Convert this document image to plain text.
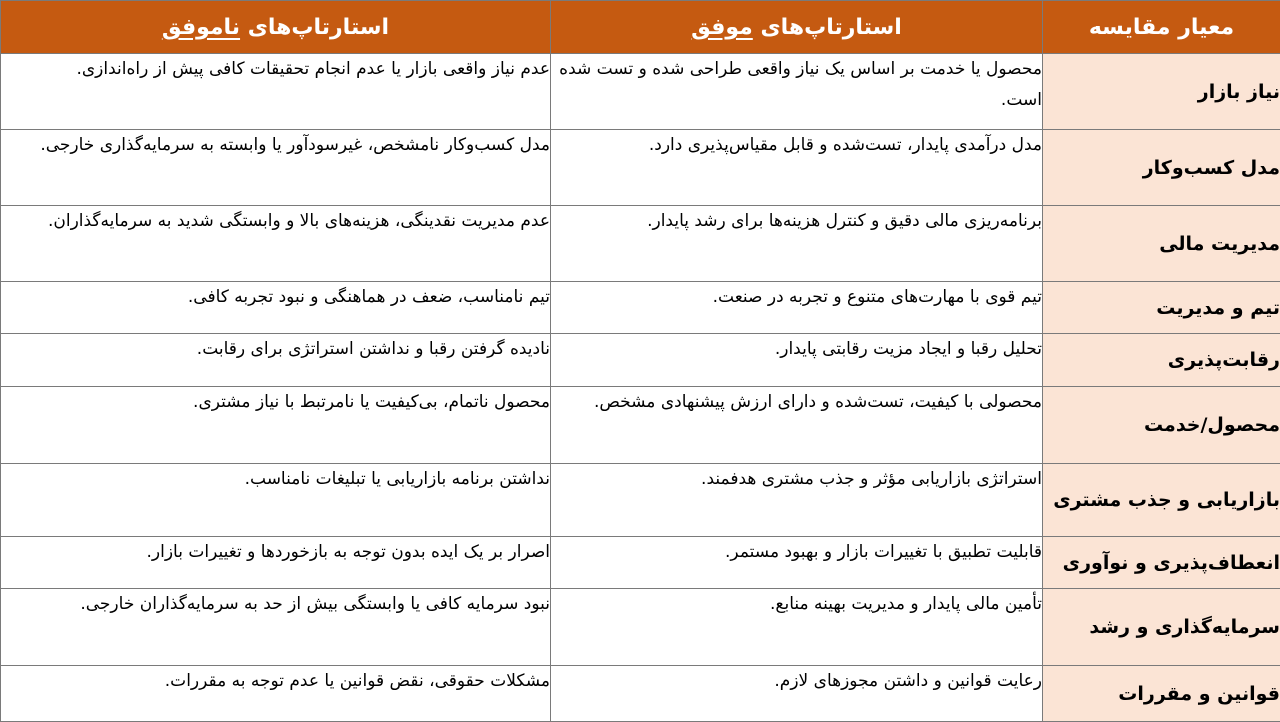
معیار مقایسه	استارتاپ‌های موفق	استارتاپ‌های ناموفق
نیاز بازار	محصول یا خدمت بر اساس یک نیاز واقعی طراحی شده و تست شده است.	عدم نیاز واقعی بازار یا عدم انجام تحقیقات کافی پیش از راه‌اندازی.
مدل کسب‌وکار	مدل درآمدی پایدار، تست‌شده و قابل مقیاس‌پذیری دارد.	مدل کسب‌وکار نامشخص، غیرسودآور یا وابسته به سرمایه‌گذاری خارجی.
مدیریت مالی	برنامه‌ریزی مالی دقیق و کنترل هزینه‌ها برای رشد پایدار.	عدم مدیریت نقدینگی، هزینه‌های بالا و وابستگی شدید به سرمایه‌گذاران.
تیم و مدیریت	تیم قوی با مهارت‌های متنوع و تجربه در صنعت.	تیم نامناسب، ضعف در هماهنگی و نبود تجربه کافی.
رقابت‌پذیری	تحلیل رقبا و ایجاد مزیت رقابتی پایدار.	نادیده گرفتن رقبا و نداشتن استراتژی برای رقابت.
محصول/خدمت	محصولی با کیفیت، تست‌شده و دارای ارزش پیشنهادی مشخص.	محصول ناتمام، بی‌کیفیت یا نامرتبط با نیاز مشتری.
بازاریابی و جذب مشتری	استراتژی بازاریابی مؤثر و جذب مشتری هدفمند.	نداشتن برنامه بازاریابی یا تبلیغات نامناسب.
انعطاف‌پذیری و نوآوری	قابلیت تطبیق با تغییرات بازار و بهبود مستمر.	اصرار بر یک ایده بدون توجه به بازخوردها و تغییرات بازار.
سرمایه‌گذاری و رشد	تأمین مالی پایدار و مدیریت بهینه منابع.	نبود سرمایه کافی یا وابستگی بیش از حد به سرمایه‌گذاران خارجی.
قوانین و مقررات	رعایت قوانین و داشتن مجوزهای لازم.	مشکلات حقوقی، نقض قوانین یا عدم توجه به مقررات.
